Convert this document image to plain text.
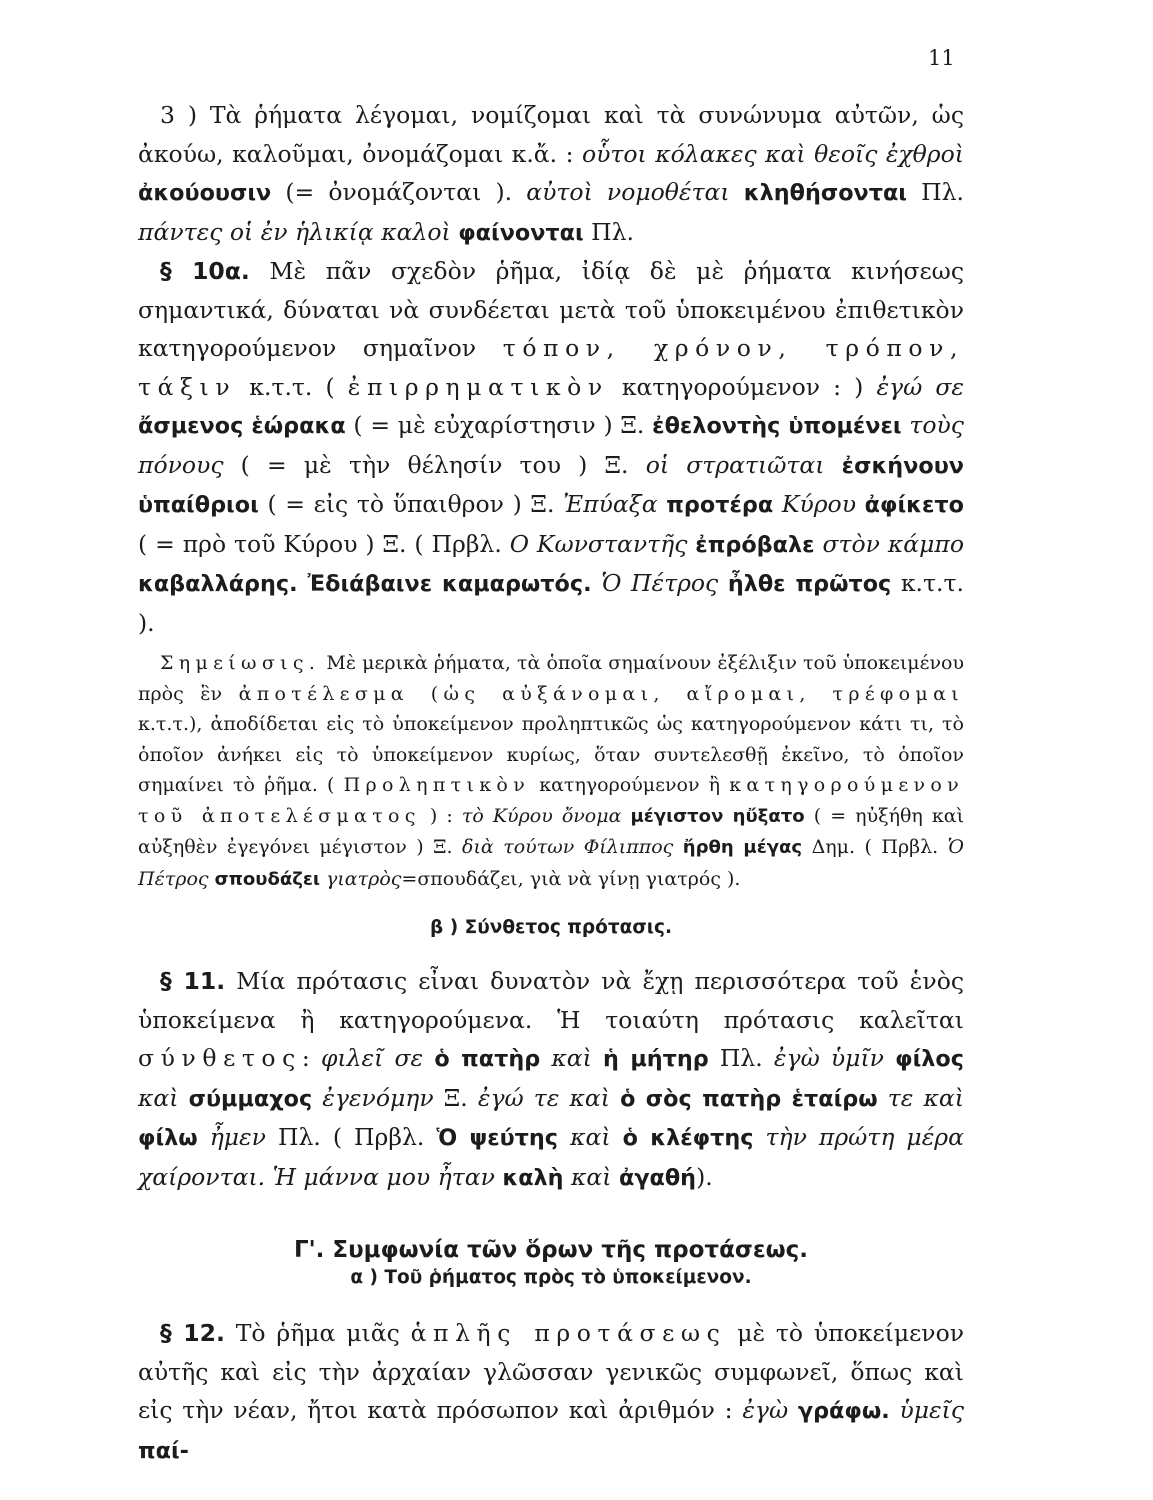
11

3 ) Τὰ ῥήματα λέγομαι, νομίζομαι καὶ τὰ συνώνυμα αὐτῶν, ὡς ἀκούω, καλοῦμαι, ὀνομάζομαι κ.ἄ. : οὗτοι κόλακες καὶ θεοῖς ἐχθροὶ ἀκούουσιν (= ὀνομάζονται ). αὐτοὶ νομοθέται κληθήσονται Πλ. πάντες οἱ ἐν ἡλικίᾳ καλοὶ φαίνονται Πλ.

§ 10α. Μὲ πᾶν σχεδὸν ῥῆμα, ἰδίᾳ δὲ μὲ ῥήματα κινήσεως σημαντικά, δύναται νὰ συνδέεται μετὰ τοῦ ὑποκειμένου ἐπιθετικὸν κατηγορούμενον σημαῖνον τόπον, χρόνον, τρόπον, τάξιν κ.τ.τ. ( ἐπιρρηματικὸν κατηγορούμενον : ) ἐγώ σε ἄσμενος ἑώρακα ( = μὲ εὐχαρίστησιν ) Ξ. ἐθελοντὴς ὑπομένει τοὺς πόνους ( = μὲ τὴν θέλησίν του ) Ξ. οἱ στρατιῶται ἐσκήνουν ὑπαίθριοι ( = εἰς τὸ ὕπαιθρον ) Ξ. Ἐπύαξα προτέρα Κύρου ἀφίκετο ( = πρὸ τοῦ Κύρου ) Ξ. ( Πρβλ. Ο Κωνσταντῆς ἐπρόβαλε στὸν κάμπο καβαλλάρης. Ἐδιάβαινε καμαρωτός. Ὁ Πέτρος ἦλθε πρῶτος κ.τ.τ. ).

Σημείωσις. Μὲ μερικὰ ῥήματα, τὰ ὁποῖα σημαίνουν ἐξέλιξιν τοῦ ὑποκειμένου πρὸς ἓν ἀποτέλεσμα (ὡς αὐξάνομαι, αἴρομαι, τρέφομαι κ.τ.τ.), ἀποδίδεται εἰς τὸ ὑποκείμενον προληπτικῶς ὡς κατηγορούμενον κάτι τι, τὸ ὁποῖον ἀνήκει εἰς τὸ ὑποκείμενον κυρίως, ὅταν συντελεσθῇ ἐκεῖνο, τὸ ὁποῖον σημαίνει τὸ ῥῆμα. ( Προληπτικὸν κατηγορούμενον ἢ κατηγορούμενον τοῦ ἀποτελέσματος ) : τὸ Κύρου ὄνομα μέγιστον ηὔξατο ( = ηὐξήθη καὶ αὐξηθὲν ἐγεγόνει μέγιστον ) Ξ. διὰ τούτων Φίλιππος ἤρθη μέγας Δημ. ( Πρβλ. Ὁ Πέτρος σπουδάζει γιατρὸς=σπουδάζει, γιὰ νὰ γίνῃ γιατρός ).

β ) Σύνθετος πρότασις.

§ 11. Μία πρότασις εἶναι δυνατὸν νὰ ἔχῃ περισσότερα τοῦ ἑνὸς ὑποκείμενα ἢ κατηγορούμενα. Ἡ τοιαύτη πρότασις καλεῖται σύνθετος: φιλεῖ σε ὁ πατὴρ καὶ ἡ μήτηρ Πλ. ἐγὼ ὑμῖν φίλος καὶ σύμμαχος ἐγενόμην Ξ. ἐγώ τε καὶ ὁ σὸς πατὴρ ἑταίρω τε καὶ φίλω ἦμεν Πλ. ( Πρβλ. Ὁ ψεύτης καὶ ὁ κλέφτης τὴν πρώτη μέρα χαίρονται. Ἡ μάννα μου ἦταν καλὴ καὶ ἀγαθή).

Γ'. Συμφωνία τῶν ὅρων τῆς προτάσεως.

α ) Τοῦ ῥήματος πρὸς τὸ ὑποκείμενον.

§ 12. Τὸ ῥῆμα μιᾶς ἁπλῆς προτάσεως μὲ τὸ ὑποκείμενον αὐτῆς καὶ εἰς τὴν ἀρχαίαν γλῶσσαν γενικῶς συμφωνεῖ, ὅπως καὶ εἰς τὴν νέαν, ἤτοι κατὰ πρόσωπον καὶ ἀριθμόν : ἐγὼ γράφω. ὑμεῖς παί-
